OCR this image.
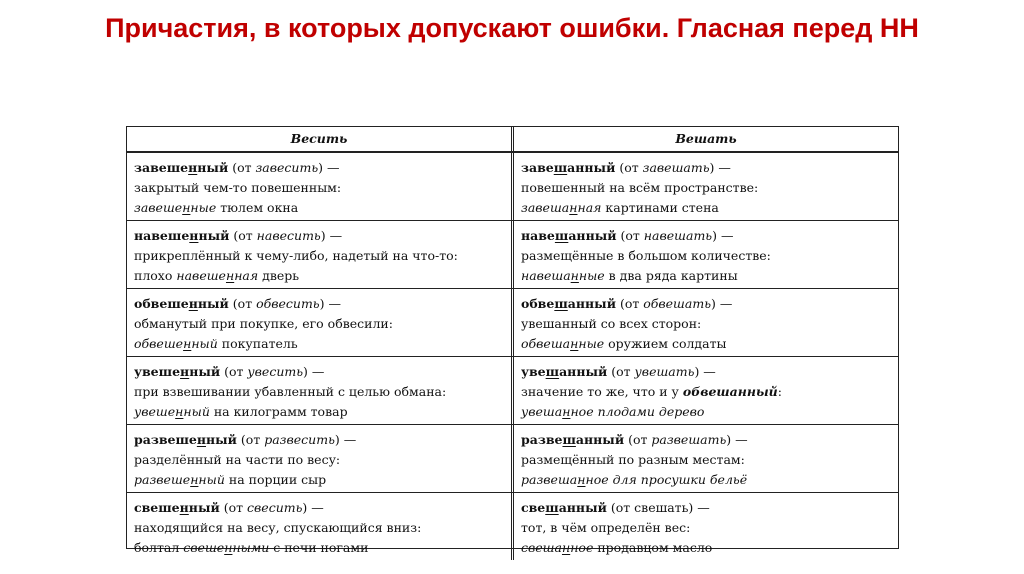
Причастия, в которых допускают ошибки. Гласная перед НН
Весить	Вешать
завешенный (от завесить) —
закрытый чем-то повешенным:
завешенные тюлем окна
завешанный (от завешать) —
повешенный на всём пространстве:
завешанная картинами стена
навешенный (от навесить) —
прикреплённый к чему-либо, надетый на что-то:
плохо навешенная дверь
навешанный (от навешать) —
размещённые в большом количестве:
навешанные в два ряда картины
обвешенный (от обвесить) —
обманутый при покупке, его обвесили:
обвешенный покупатель
обвешанный (от обвешать) —
увешанный со всех сторон:
обвешанные оружием солдаты
увешенный (от увесить) —
при взвешивании убавленный с целью обмана:
увешенный на килограмм товар
увешанный (от увешать) —
значение то же, что и у обвешанный:
увешанное плодами дерево
развешенный (от развесить) —
разделённый на части по весу:
развешенный на порции сыр
развешанный (от развешать) —
размещённый по разным местам:
развешанное для просушки бельё
свешенный (от свесить) —
находящийся на весу, спускающийся вниз:
болтал свешенными с печи ногами
свешанный (от свешать) —
тот, в чём определён вес:
свешанное продавцом масло
